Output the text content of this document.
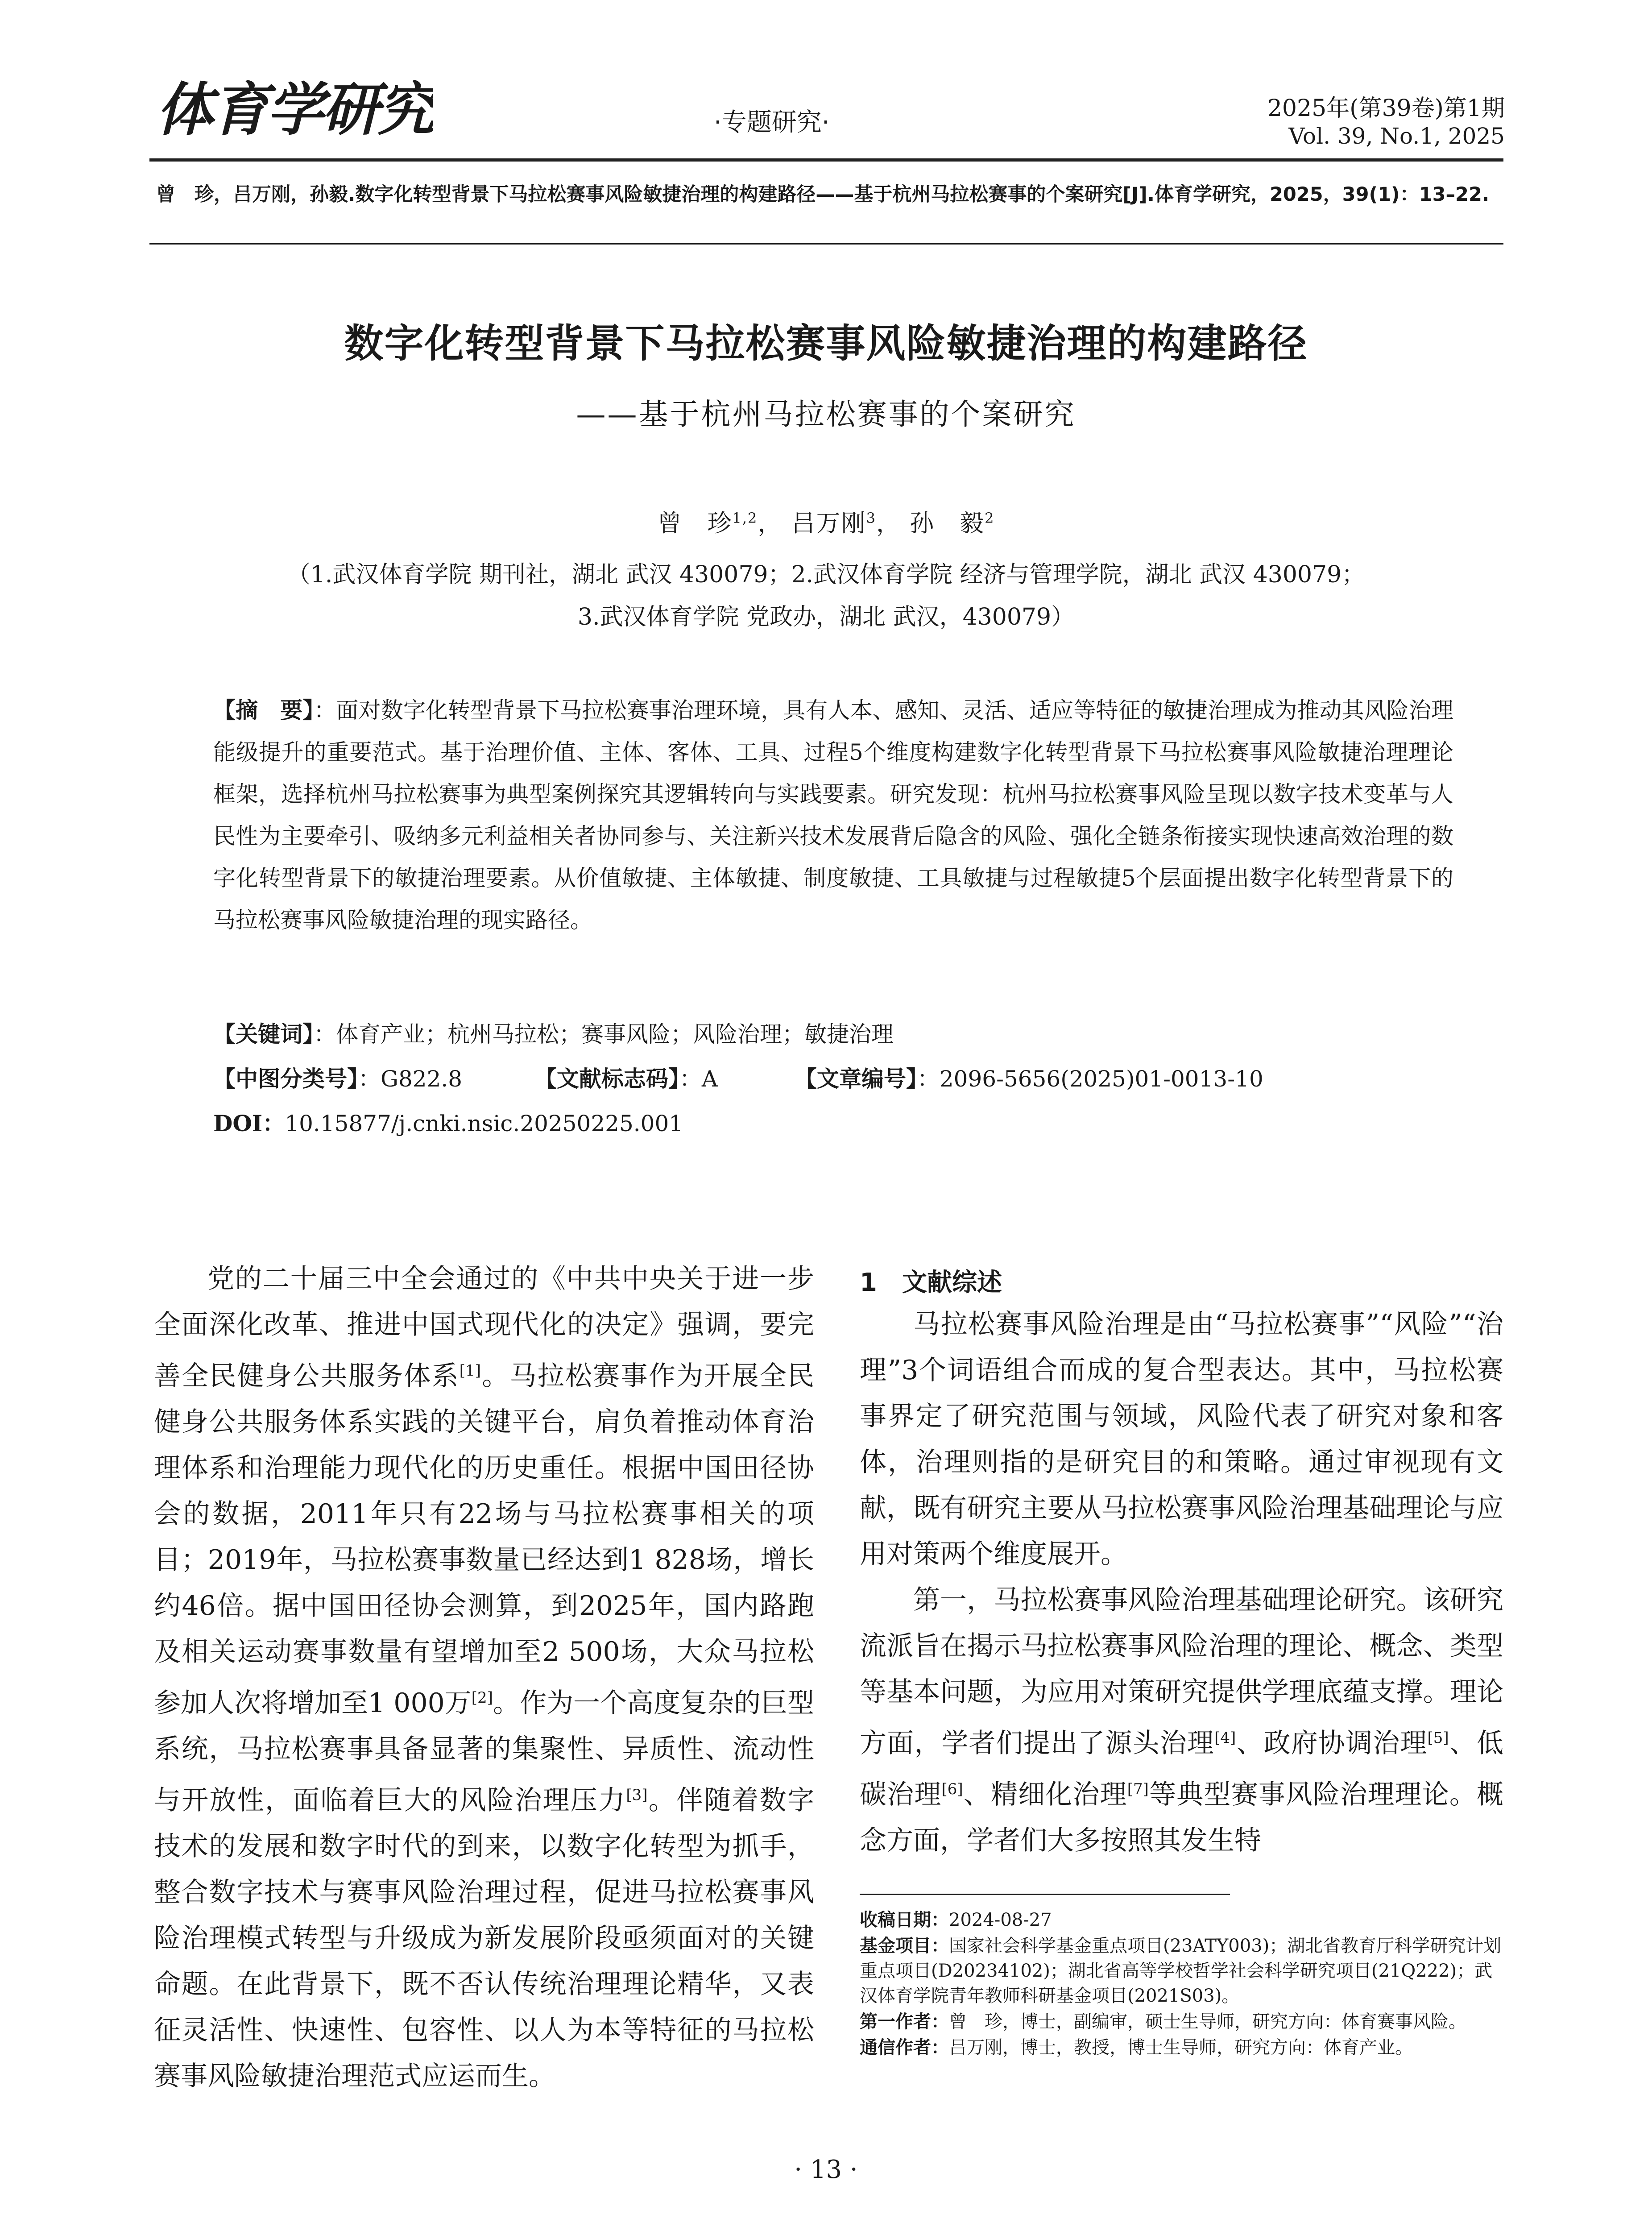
体育学研究	·专题研究·	2025年(第39卷)第1期
Vol. 39, No.1, 2025
曾　珍，吕万刚，孙毅.数字化转型背景下马拉松赛事风险敏捷治理的构建路径——基于杭州马拉松赛事的个案研究[J].体育学研究，2025，39(1)：13–22.
数字化转型背景下马拉松赛事风险敏捷治理的构建路径
——基于杭州马拉松赛事的个案研究
曾　珍$^{1,2}$， 吕万刚$^3$， 孙　毅$^2$
（1.武汉体育学院 期刊社，湖北 武汉 430079；2.武汉体育学院 经济与管理学院，湖北 武汉 430079；
3.武汉体育学院 党政办，湖北 武汉，430079）
【摘　要】：面对数字化转型背景下马拉松赛事治理环境，具有人本、感知、灵活、适应等特征的敏捷治理成为推动其风险治理能级提升的重要范式。基于治理价值、主体、客体、工具、过程5个维度构建数字化转型背景下马拉松赛事风险敏捷治理理论框架，选择杭州马拉松赛事为典型案例探究其逻辑转向与实践要素。研究发现：杭州马拉松赛事风险呈现以数字技术变革与人民性为主要牵引、吸纳多元利益相关者协同参与、关注新兴技术发展背后隐含的风险、强化全链条衔接实现快速高效治理的数字化转型背景下的敏捷治理要素。从价值敏捷、主体敏捷、制度敏捷、工具敏捷与过程敏捷5个层面提出数字化转型背景下的马拉松赛事风险敏捷治理的现实路径。
【关键词】：体育产业；杭州马拉松；赛事风险；风险治理；敏捷治理
【中图分类号】：G822.8	【文献标志码】：A	【文章编号】：2096-5656(2025)01-0013-10
DOI：10.15877/j.cnki.nsic.20250225.001

党的二十届三中全会通过的《中共中央关于进一步全面深化改革、推进中国式现代化的决定》强调，要完善全民健身公共服务体系[1]。马拉松赛事作为开展全民健身公共服务体系实践的关键平台，肩负着推动体育治理体系和治理能力现代化的历史重任。根据中国田径协会的数据，2011年只有22场与马拉松赛事相关的项目；2019年，马拉松赛事数量已经达到1 828场，增长约46倍。据中国田径协会测算，到2025年，国内路跑及相关运动赛事数量有望增加至2 500场，大众马拉松参加人次将增加至1 000万[2]。作为一个高度复杂的巨型系统，马拉松赛事具备显著的集聚性、异质性、流动性与开放性，面临着巨大的风险治理压力[3]。伴随着数字技术的发展和数字时代的到来，以数字化转型为抓手，整合数字技术与赛事风险治理过程，促进马拉松赛事风险治理模式转型与升级成为新发展阶段亟须面对的关键命题。在此背景下，既不否认传统治理理论精华，又表征灵活性、快速性、包容性、以人为本等特征的马拉松赛事风险敏捷治理范式应运而生。

1　文献综述

马拉松赛事风险治理是由“马拉松赛事”“风险”“治理”3个词语组合而成的复合型表达。其中，马拉松赛事界定了研究范围与领域，风险代表了研究对象和客体，治理则指的是研究目的和策略。通过审视现有文献，既有研究主要从马拉松赛事风险治理基础理论与应用对策两个维度展开。

第一，马拉松赛事风险治理基础理论研究。该研究流派旨在揭示马拉松赛事风险治理的理论、概念、类型等基本问题，为应用对策研究提供学理底蕴支撑。理论方面，学者们提出了源头治理[4]、政府协调治理[5]、低碳治理[6]、精细化治理[7]等典型赛事风险治理理论。概念方面，学者们大多按照其发生特

收稿日期：2024-08-27
基金项目：国家社会科学基金重点项目(23ATY003)；湖北省教育厅科学研究计划重点项目(D20234102)；湖北省高等学校哲学社会科学研究项目(21Q222)；武汉体育学院青年教师科研基金项目(2021S03)。
第一作者：曾　珍，博士，副编审，硕士生导师，研究方向：体育赛事风险。
通信作者：吕万刚，博士，教授，博士生导师，研究方向：体育产业。
· 13 ·
